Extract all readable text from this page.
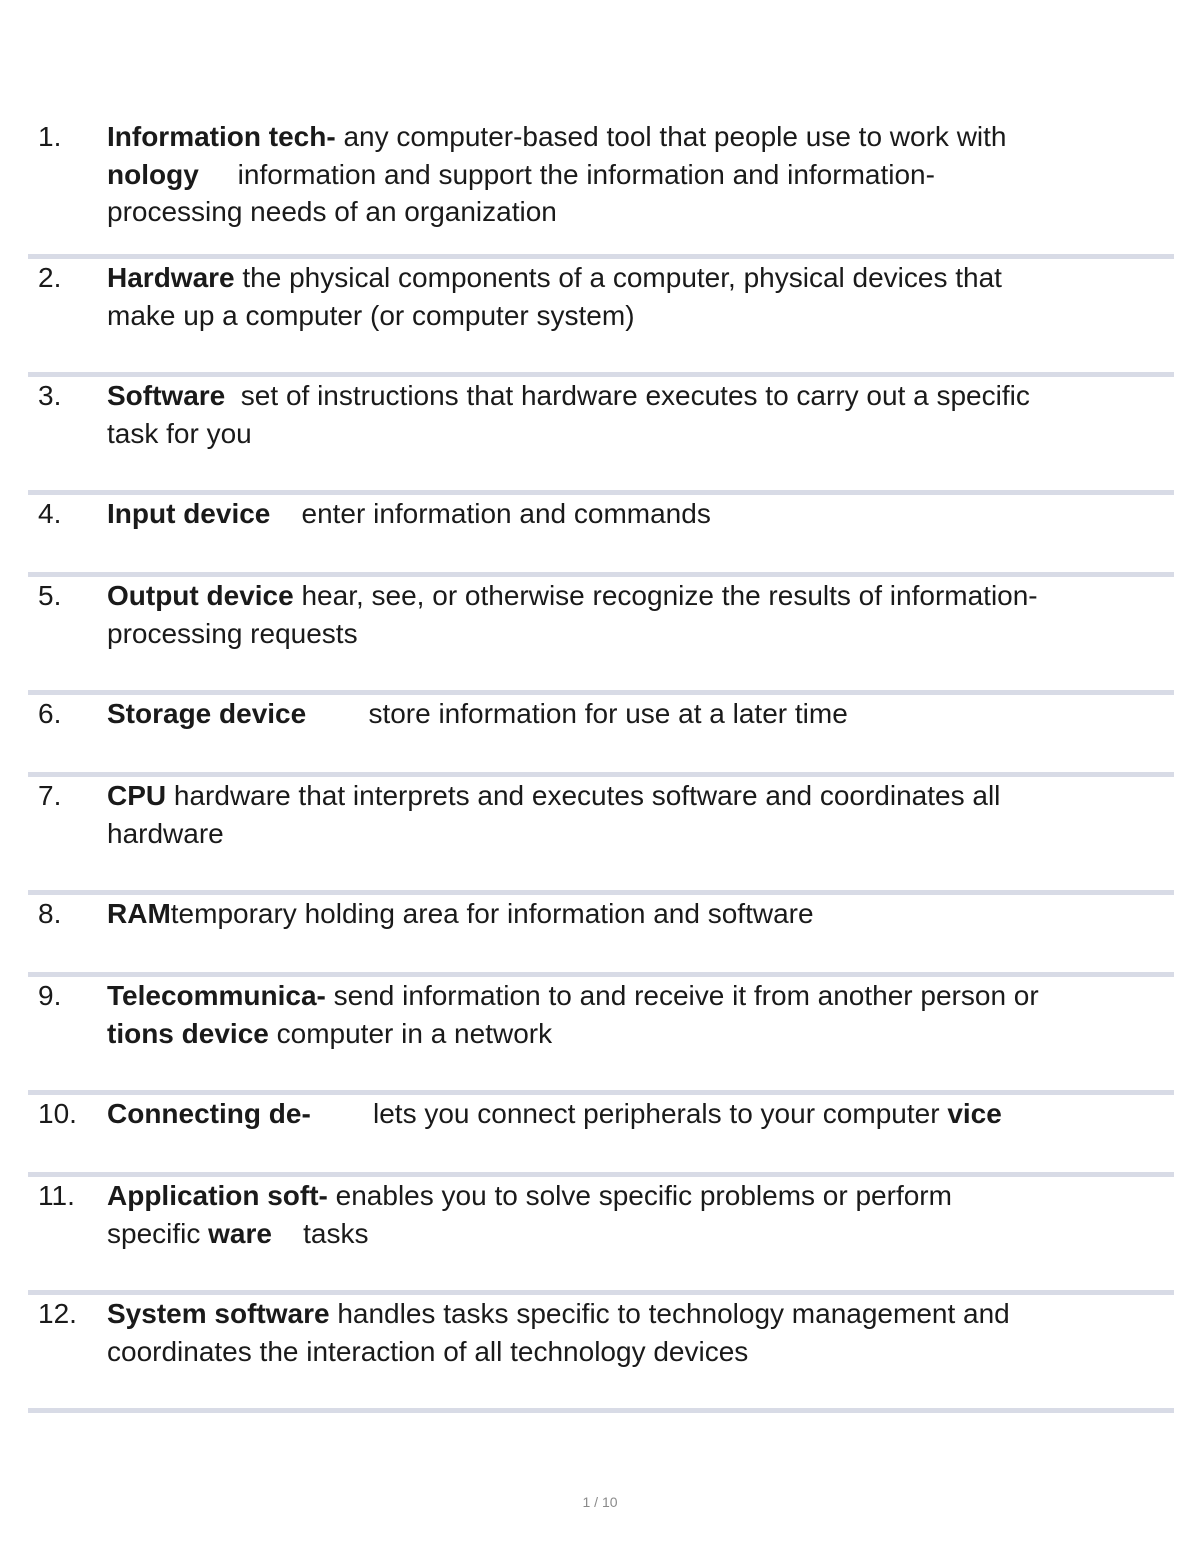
1. Information tech- any computer-based tool that people use to work with
nology     information and support the information and information-
processing needs of an organization
2. Hardware the physical components of a computer, physical devices that
make up a computer (or computer system)
3. Software  set of instructions that hardware executes to carry out a specific
task for you
4. Input device    enter information and commands
5. Output device hear, see, or otherwise recognize the results of information-
processing requests
6. Storage device        store information for use at a later time
7. CPU hardware that interprets and executes software and coordinates all
hardware
8. RAMtemporary holding area for information and software
9. Telecommunica- send information to and receive it from another person or
tions device computer in a network
10. Connecting de-        lets you connect peripherals to your computer vice
11. Application soft- enables you to solve specific problems or perform
specific ware    tasks
12. System software handles tasks specific to technology management and
coordinates the interaction of all technology devices
1 / 10
